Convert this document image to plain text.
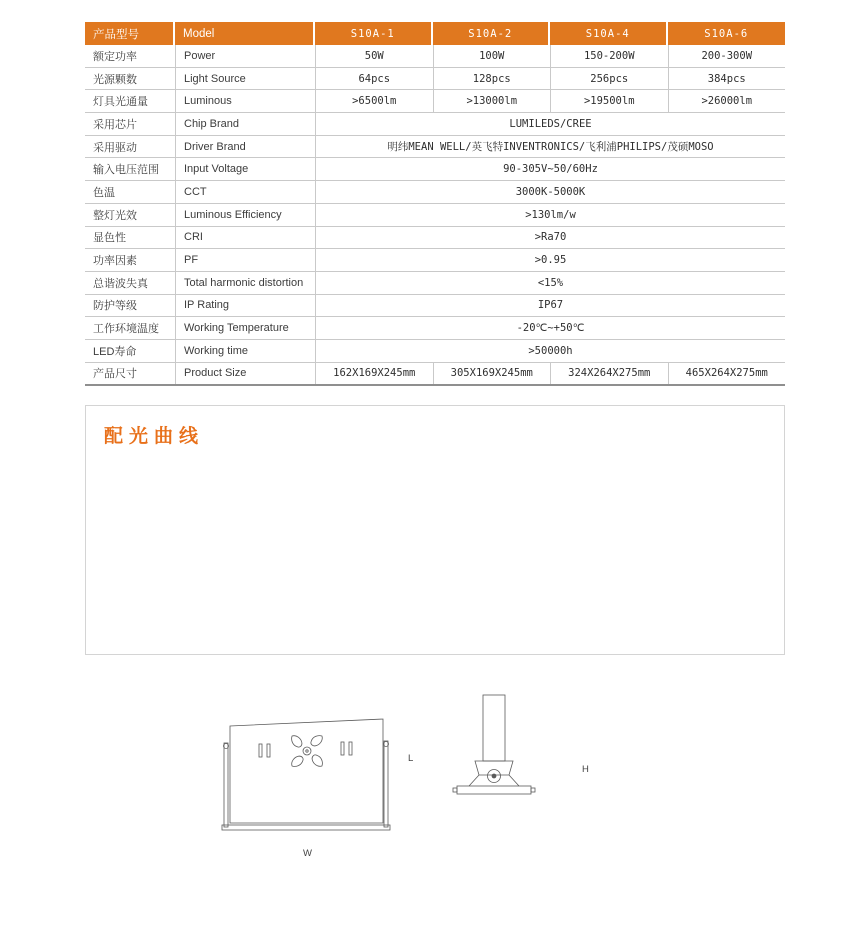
产品型号	Model	S10A-1	S10A-2	S10A-4	S10A-6
额定功率	Power	50W	100W	150-200W	200-300W
光源颗数	Light Source	64pcs	128pcs	256pcs	384pcs
灯具光通量	Luminous	>6500lm	>13000lm	>19500lm	>26000lm
采用芯片	Chip Brand	LUMILEDS/CREE
采用驱动	Driver Brand	明纬MEAN WELL/英飞特INVENTRONICS/飞利浦PHILIPS/茂硕MOSO
输入电压范围	Input Voltage	90-305V~50/60Hz
色温	CCT	3000K-5000K
整灯光效	Luminous Efficiency	>130lm/w
显色性	CRI	>Ra70
功率因素	PF	>0.95
总谐波失真	Total harmonic distortion	<15%
防护等级	IP Rating	IP67
工作环境温度	Working Temperature	-20℃~+50℃
LED寿命	Working time	>50000h
产品尺寸	Product Size	162X169X245mm	305X169X245mm	324X264X275mm	465X264X275mm
配光曲线
W
L
H
